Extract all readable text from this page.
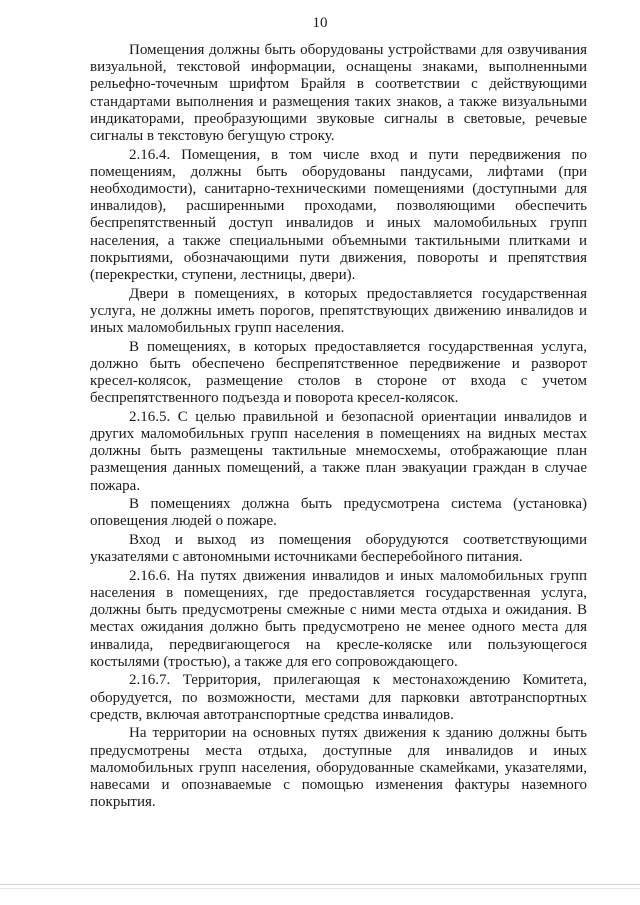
10

Помещения должны быть оборудованы устройствами для озвучивания визуальной, текстовой информации, оснащены знаками, выполненными рельефно-точечным шрифтом Брайля в соответствии с действующими стандартами выполнения и размещения таких знаков, а также визуальными индикаторами, преобразующими звуковые сигналы в световые, речевые сигналы в текстовую бегущую строку.

2.16.4. Помещения, в том числе вход и пути передвижения по помещениям, должны быть оборудованы пандусами, лифтами (при необходимости), санитарно-техническими помещениями (доступными для инвалидов), расширенными проходами, позволяющими обеспечить беспрепятственный доступ инвалидов и иных маломобильных групп населения, а также специальными объемными тактильными плитками и покрытиями, обозначающими пути движения, повороты и препятствия (перекрестки, ступени, лестницы, двери).

Двери в помещениях, в которых предоставляется государственная услуга, не должны иметь порогов, препятствующих движению инвалидов и иных маломобильных групп населения.

В помещениях, в которых предоставляется государственная услуга, должно быть обеспечено беспрепятственное передвижение и разворот кресел-колясок, размещение столов в стороне от входа с учетом беспрепятственного подъезда и поворота кресел-колясок.

2.16.5. С целью правильной и безопасной ориентации инвалидов и других маломобильных групп населения в помещениях на видных местах должны быть размещены тактильные мнемосхемы, отображающие план размещения данных помещений, а также план эвакуации граждан в случае пожара.

В помещениях должна быть предусмотрена система (установка) оповещения людей о пожаре.

Вход и выход из помещения оборудуются соответствующими указателями с автономными источниками бесперебойного питания.

2.16.6. На путях движения инвалидов и иных маломобильных групп населения в помещениях, где предоставляется государственная услуга, должны быть предусмотрены смежные с ними места отдыха и ожидания. В местах ожидания должно быть предусмотрено не менее одного места для инвалида, передвигающегося на кресле-коляске или пользующегося костылями (тростью), а также для его сопровождающего.

2.16.7. Территория, прилегающая к местонахождению Комитета, оборудуется, по возможности, местами для парковки автотранспортных средств, включая автотранспортные средства инвалидов.

На территории на основных путях движения к зданию должны быть предусмотрены места отдыха, доступные для инвалидов и иных маломобильных групп населения, оборудованные скамейками, указателями, навесами и опознаваемые с помощью изменения фактуры наземного покрытия.
